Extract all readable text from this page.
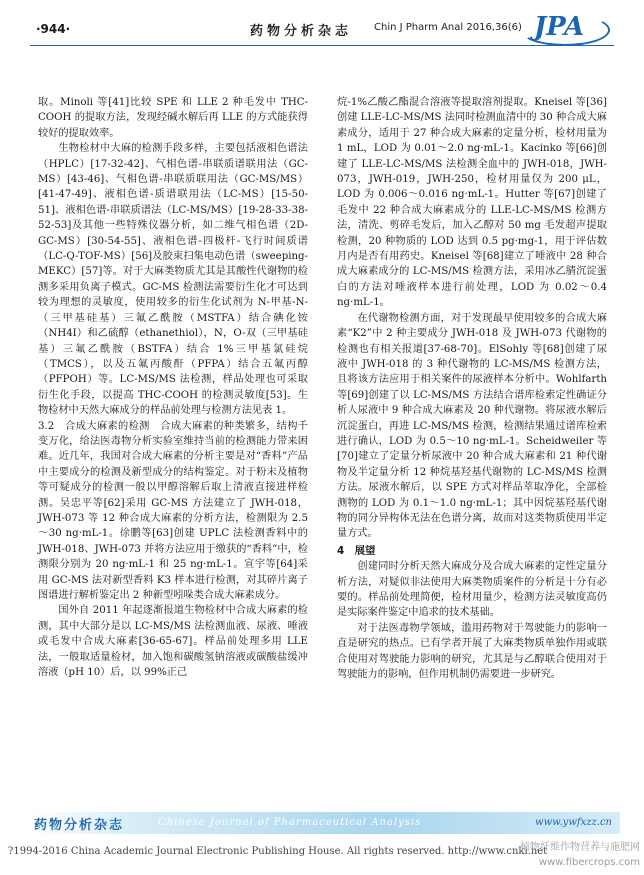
·944·	药物分析杂志 Chin J Pharm Anal 2016,36(6) JPA

取。Minoli 等[41]比较 SPE 和 LLE 2 种毛发中 THC-COOH 的提取方法，发现经碱水解后再 LLE 的方式能获得较好的提取效率。

生物检材中大麻的检测手段多样，主要包括液相色谱法（HPLC）[17-32-42]、气相色谱-串联质谱联用法（GC-MS）[43-46]、气相色谱-串联质联用法（GC-MS/MS）[41-47-49]、液相色谱-质谱联用法（LC-MS）[15-50-51]、液相色谱-串联质谱法（LC-MS/MS）[19-28-33-38-52-53]及其他一些特殊仪器分析，如二维气相色谱（2D-GC-MS）[30-54-55]、液相色谱-四极杆-飞行时间质谱（LC-Q-TOF-MS）[56]及胶束扫集电动色谱（sweeping-MEKC）[57]等。对于大麻类物质尤其是其酸性代谢物的检测多采用负离子模式。GC-MS 检测法需要衍生化才可达到较为理想的灵敏度，使用较多的衍生化试剂为 N-甲基-N-（三甲基硅基）三氟乙酰胺（MSTFA）结合碘化铵（NH4I）和乙硫醇（ethanethiol），N，O-双（三甲基硅基）三氟乙酰胺（BSTFA）结合 1%三甲基氯硅烷（TMCS），以及五氟丙酸酐（PFPA）结合五氟丙醇（PFPOH）等。LC-MS/MS 法检测，样品处理也可采取衍生化手段，以提高 THC-COOH 的检测灵敏度[53]。生物检材中天然大麻成分的样品前处理与检测方法见表 1。

3.2　合成大麻素的检测　合成大麻素的种类繁多，结构千变万化，给法医毒物分析实验室维持当前的检测能力带来困难。近几年，我国对合成大麻素的分析主要是对“香料”产品中主要成分的检测及新型成分的结构鉴定。对于粉末及植物等可疑成分的检测一般以甲醇溶解后取上清液直接进样检测。吴忠平等[62]采用 GC-MS 方法建立了 JWH-018，JWH-073 等 12 种合成大麻素的分析方法，检测限为 2.5～30 ng·mL-1。徐鹏等[63]创建 UPLC 法检测香料中的 JWH-018、JWH-073 并将方法应用于缴获的“香料”中，检测限分别为 20 ng·mL-1 和 25 ng·mL-1。宣宇等[64]采用 GC-MS 法对新型香料 K3 样本进行检测，对其碎片离子图谱进行解析鉴定出 2 种新型吲哚类合成大麻素成分。

国外自 2011 年起逐渐报道生物检材中合成大麻素的检测，其中大部分是以 LC-MS/MS 法检测血液、尿液、唾液或毛发中合成大麻素[36-65-67]。样品前处理多用 LLE 法，一般取适量检材，加入饱和碳酸氢钠溶液或碳酸盐缓冲溶液（pH 10）后，以 99%正己

烷-1%乙酸乙酯混合溶液等提取溶剂提取。Kneisel 等[36]创建 LLE-LC-MS/MS 法同时检测血清中的 30 种合成大麻素成分，适用于 27 种合成大麻素的定量分析，检材用量为 1 mL，LOD 为 0.01～2.0 ng·mL-1。Kacinko 等[66]创建了 LLE-LC-MS/MS 法检测全血中的 JWH-018，JWH-073，JWH-019，JWH-250，检材用量仅为 200 μL，LOD 为 0.006～0.016 ng·mL-1。Hutter 等[67]创建了毛发中 22 种合成大麻素成分的 LLE-LC-MS/MS 检测方法，清洗、剪碎毛发后，加入乙醇对 50 mg 毛发超声提取检测，20 种物质的 LOD 达到 0.5 pg·mg-1，用于评估数月内是否有用药史。Kneisel 等[68]建立了唾液中 28 种合成大麻素成分的 LC-MS/MS 检测方法，采用冰乙腈沉淀蛋白的方法对唾液样本进行前处理，LOD 为 0.02～0.4 ng·mL-1。

在代谢物检测方面，对于发现最早使用较多的合成大麻素“K2”中 2 种主要成分 JWH-018 及 JWH-073 代谢物的检测也有相关报道[37-68-70]。ElSohly 等[68]创建了尿液中 JWH-018 的 3 种代谢物的 LC-MS/MS 检测方法，且将该方法应用于相关案件的尿液样本分析中。Wohlfarth 等[69]创建了以 LC-MS/MS 方法结合谱库检索定性确证分析人尿液中 9 种合成大麻素及 20 种代谢物。将尿液水解后沉淀蛋白，再进 LC-MS/MS 检测，检测结果通过谱库检索进行确认，LOD 为 0.5～10 ng·mL-1。Scheidweiler 等[70]建立了定量分析尿液中 20 种合成大麻素和 21 种代谢物及半定量分析 12 种烷基羟基代谢物的 LC-MS/MS 检测方法。尿液水解后，以 SPE 方式对样品萃取净化，全部检测物的 LOD 为 0.1～1.0 ng·mL-1；其中因烷基羟基代谢物的同分异构体无法在色谱分离，故而对这类物质使用半定量方式。

4　展望

创建同时分析天然大麻成分及合成大麻素的定性定量分析方法，对疑似非法使用大麻类物质案件的分析是十分有必要的。样品前处理简便，检材用量少，检测方法灵敏度高仍是实际案件鉴定中追求的技术基础。

对于法医毒物学领域，滥用药物对于驾驶能力的影响一直是研究的热点。已有学者开展了大麻类物质单独作用或联合使用对驾驶能力影响的研究，尤其是与乙醇联合使用对于驾驶能力的影响，但作用机制仍需要进一步研究。

药物分析杂志	Chinese Journal of Pharmaceutical Analysis	www.ywfxzz.cn
?1994-2016 China Academic Journal Electronic Publishing House. All rights reserved. http://www.cnki.net
植物纤维作物营养与施肥网
www.fibercrops.com
